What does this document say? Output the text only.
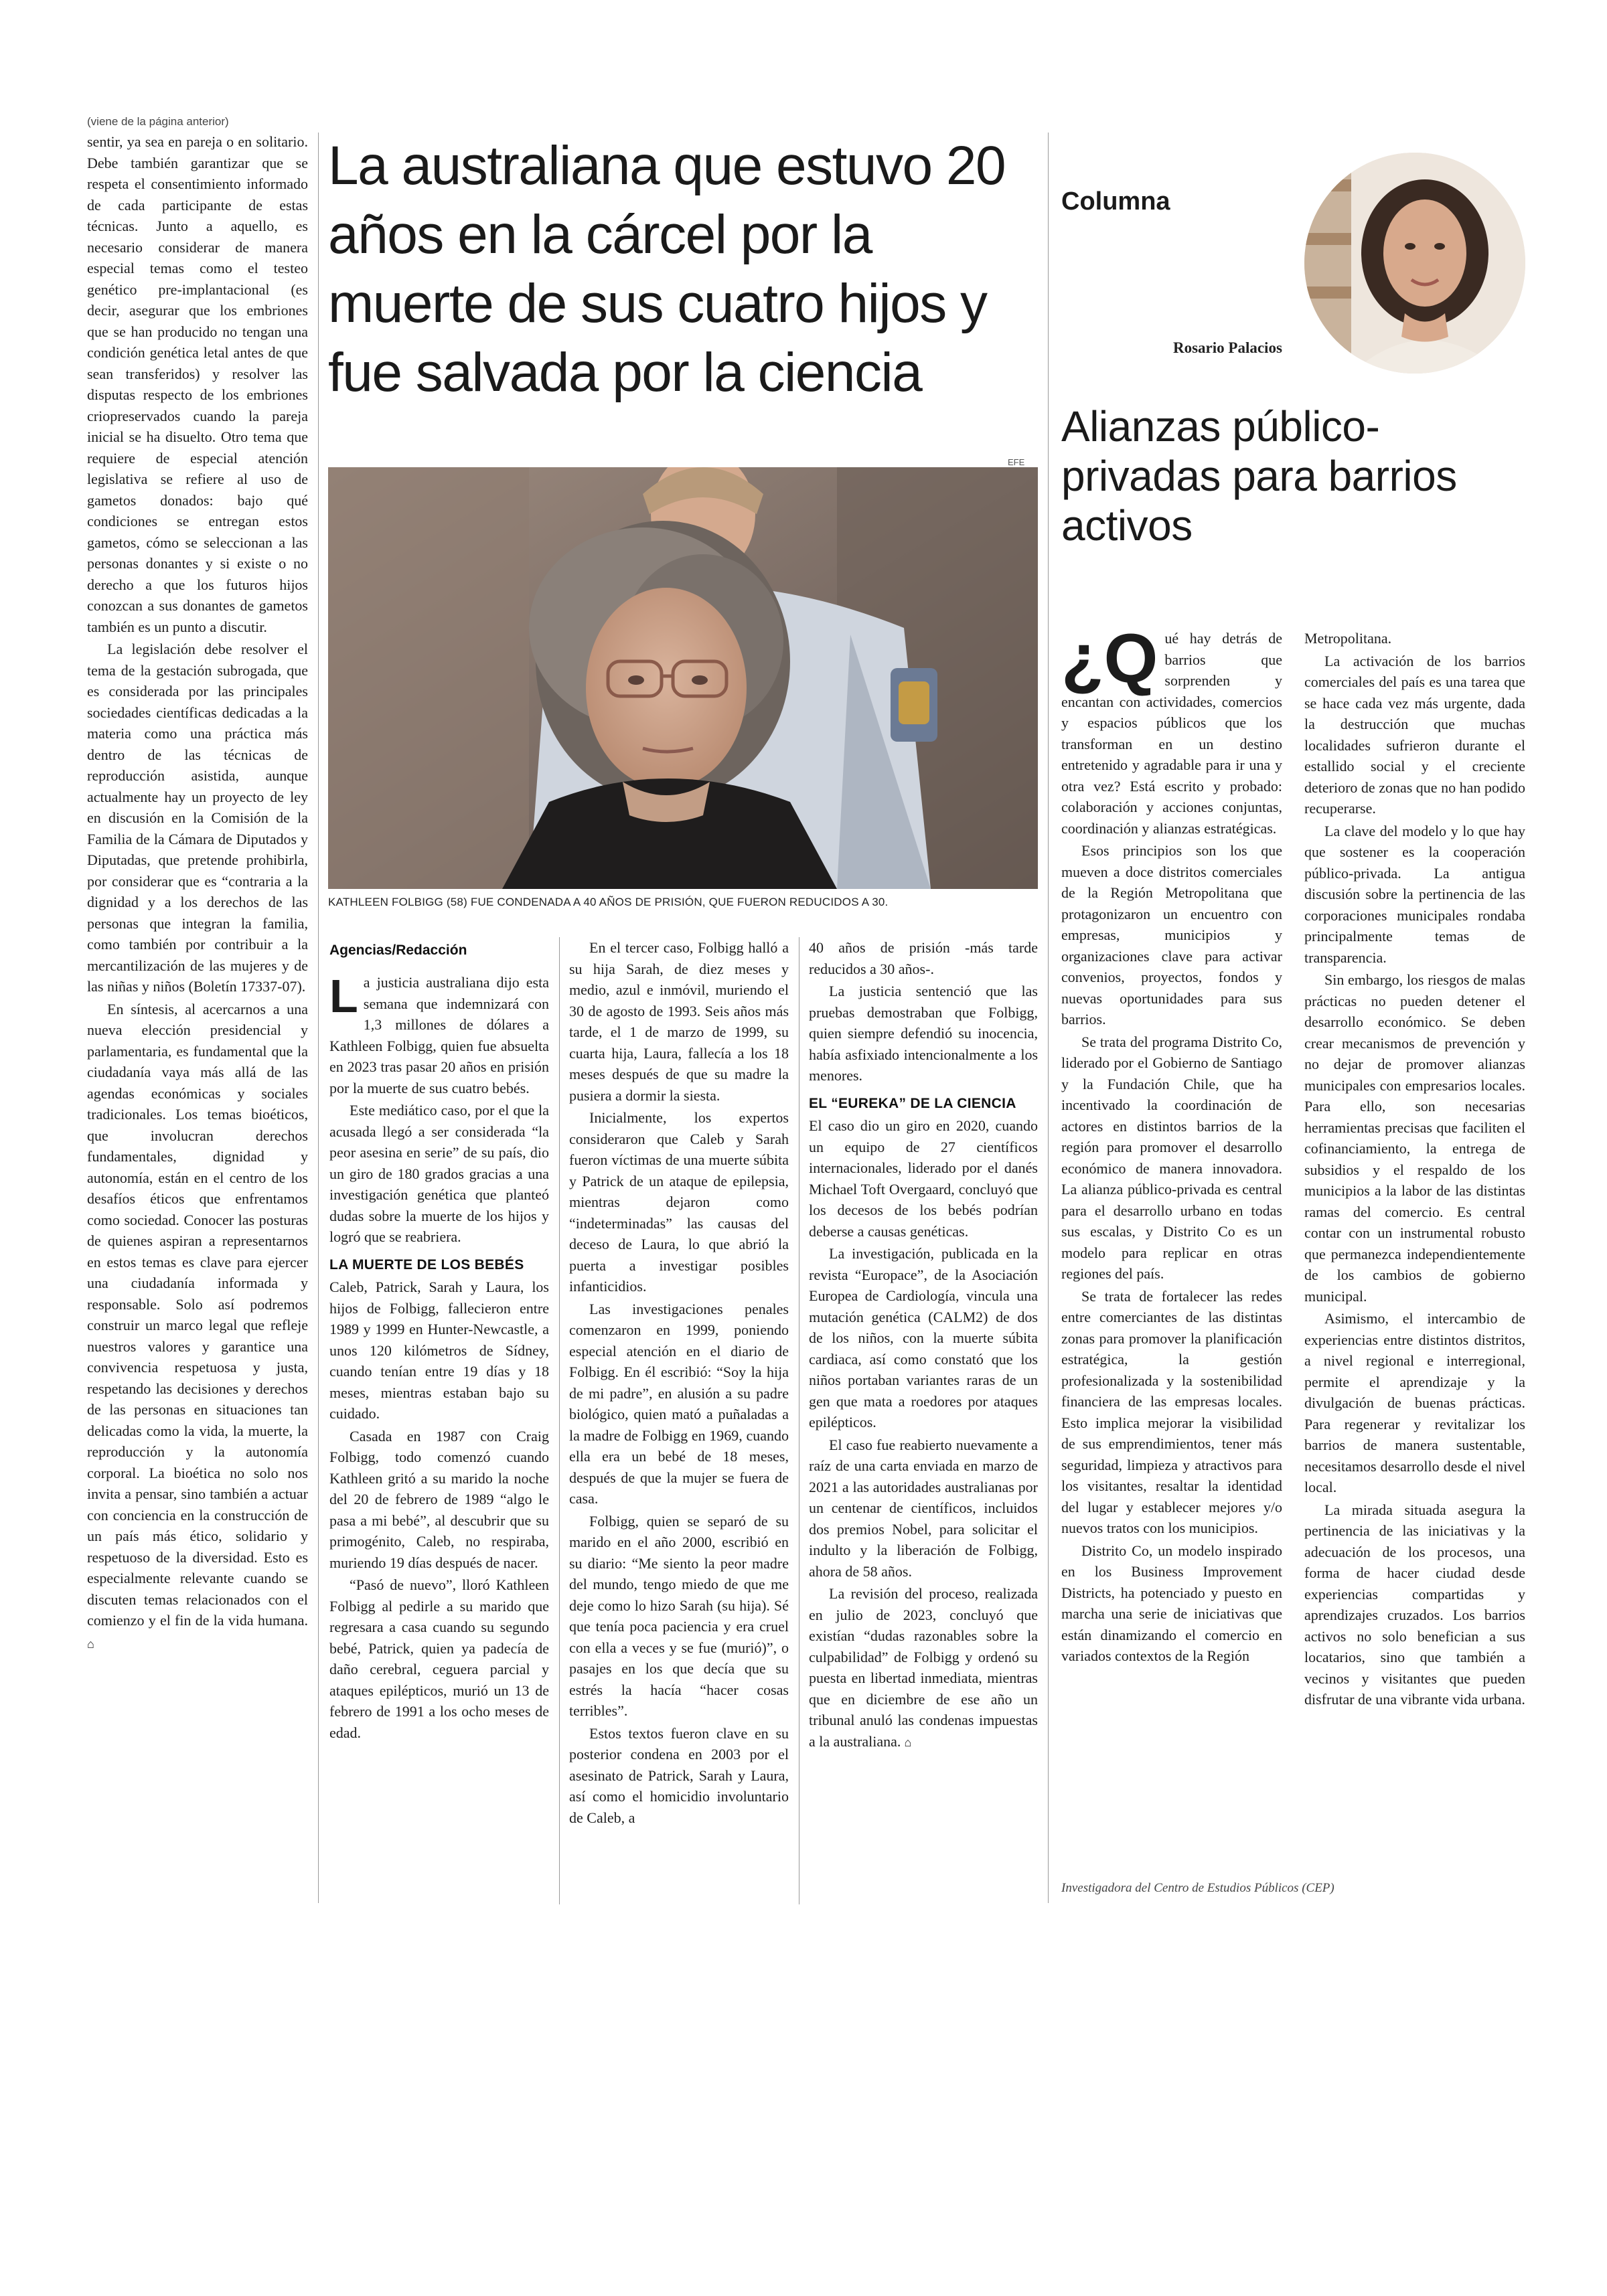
(viene de la página anterior)

sentir, ya sea en pareja o en solitario. Debe también garantizar que se respeta el consentimiento informado de cada participante de estas técnicas. Junto a aquello, es necesario considerar de manera especial temas como el testeo genético pre-implantacional (es decir, asegurar que los embriones que se han producido no tengan una condición genética letal antes de que sean transferidos) y resolver las disputas respecto de los embriones criopreservados cuando la pareja inicial se ha disuelto. Otro tema que requiere de especial atención legislativa se refiere al uso de gametos donados: bajo qué condiciones se entregan estos gametos, cómo se seleccionan a las personas donantes y si existe o no derecho a que los futuros hijos conozcan a sus donantes de gametos también es un punto a discutir.

La legislación debe resolver el tema de la gestación subrogada, que es considerada por las principales sociedades científicas dedicadas a la materia como una práctica más dentro de las técnicas de reproducción asistida, aunque actualmente hay un proyecto de ley en discusión en la Comisión de la Familia de la Cámara de Diputados y Diputadas, que pretende prohibirla, por considerar que es “contraria a la dignidad y a los derechos de las personas que integran la familia, como también por contribuir a la mercantilización de las mujeres y de las niñas y niños (Boletín 17337-07).

En síntesis, al acercarnos a una nueva elección presidencial y parlamentaria, es fundamental que la ciudadanía vaya más allá de las agendas económicas y sociales tradicionales. Los temas bioéticos, que involucran derechos fundamentales, dignidad y autonomía, están en el centro de los desafíos éticos que enfrentamos como sociedad. Conocer las posturas de quienes aspiran a representarnos en estos temas es clave para ejercer una ciudadanía informada y responsable. Solo así podremos construir un marco legal que refleje nuestros valores y garantice una convivencia respetuosa y justa, respetando las decisiones y derechos de las personas en situaciones tan delicadas como la vida, la muerte, la reproducción y la autonomía corporal. La bioética no solo nos invita a pensar, sino también a actuar con conciencia en la construcción de un país más ético, solidario y respetuoso de la diversidad. Esto es especialmente relevante cuando se discuten temas relacionados con el comienzo y el fin de la vida humana. ⌂

La australiana que estuvo 20 años en la cárcel por la muerte de sus cuatro hijos y fue salvada por la ciencia
EFE
KATHLEEN FOLBIGG (58) FUE CONDENADA A 40 AÑOS DE PRISIÓN, QUE FUERON REDUCIDOS A 30.
Agencias/Redacción

La justicia australiana dijo esta semana que indemnizará con 1,3 millones de dólares a Kathleen Folbigg, quien fue absuelta en 2023 tras pasar 20 años en prisión por la muerte de sus cuatro bebés.

Este mediático caso, por el que la acusada llegó a ser considerada “la peor asesina en serie” de su país, dio un giro de 180 grados gracias a una investigación genética que planteó dudas sobre la muerte de los hijos y logró que se reabriera.

LA MUERTE DE LOS BEBÉS

Caleb, Patrick, Sarah y Laura, los hijos de Folbigg, fallecieron entre 1989 y 1999 en Hunter-Newcastle, a unos 120 kilómetros de Sídney, cuando tenían entre 19 días y 18 meses, mientras estaban bajo su cuidado.

Casada en 1987 con Craig Folbigg, todo comenzó cuando Kathleen gritó a su marido la noche del 20 de febrero de 1989 “algo le pasa a mi bebé”, al descubrir que su primogénito, Caleb, no respiraba, muriendo 19 días después de nacer.

“Pasó de nuevo”, lloró Kathleen Folbigg al pedirle a su marido que regresara a casa cuando su segundo bebé, Patrick, quien ya padecía de daño cerebral, ceguera parcial y ataques epilépticos, murió un 13 de febrero de 1991 a los ocho meses de edad.

En el tercer caso, Folbigg halló a su hija Sarah, de diez meses y medio, azul e inmóvil, muriendo el 30 de agosto de 1993. Seis años más tarde, el 1 de marzo de 1999, su cuarta hija, Laura, fallecía a los 18 meses después de que su madre la pusiera a dormir la siesta.

Inicialmente, los expertos consideraron que Caleb y Sarah fueron víctimas de una muerte súbita y Patrick de un ataque de epilepsia, mientras dejaron como “indeterminadas” las causas del deceso de Laura, lo que abrió la puerta a investigar posibles infanticidios.

Las investigaciones penales comenzaron en 1999, poniendo especial atención en el diario de Folbigg. En él escribió: “Soy la hija de mi padre”, en alusión a su padre biológico, quien mató a puñaladas a la madre de Folbigg en 1969, cuando ella era un bebé de 18 meses, después de que la mujer se fuera de casa.

Folbigg, quien se separó de su marido en el año 2000, escribió en su diario: “Me siento la peor madre del mundo, tengo miedo de que me deje como lo hizo Sarah (su hija). Sé que tenía poca paciencia y era cruel con ella a veces y se fue (murió)”, o pasajes en los que decía que su estrés la hacía “hacer cosas terribles”.

Estos textos fueron clave en su posterior condena en 2003 por el asesinato de Patrick, Sarah y Laura, así como el homicidio involuntario de Caleb, a

40 años de prisión -más tarde reducidos a 30 años-.

La justicia sentenció que las pruebas demostraban que Folbigg, quien siempre defendió su inocencia, había asfixiado intencionalmente a los menores.

EL “EUREKA” DE LA CIENCIA

El caso dio un giro en 2020, cuando un equipo de 27 científicos internacionales, liderado por el danés Michael Toft Overgaard, concluyó que los decesos de los bebés podrían deberse a causas genéticas.

La investigación, publicada en la revista “Europace”, de la Asociación Europea de Cardiología, vincula una mutación genética (CALM2) de dos de los niños, con la muerte súbita cardiaca, así como constató que los niños portaban variantes raras de un gen que mata a roedores por ataques epilépticos.

El caso fue reabierto nuevamente a raíz de una carta enviada en marzo de 2021 a las autoridades australianas por un centenar de científicos, incluidos dos premios Nobel, para solicitar el indulto y la liberación de Folbigg, ahora de 58 años.

La revisión del proceso, realizada en julio de 2023, concluyó que existían “dudas razonables sobre la culpabilidad” de Folbigg y ordenó su puesta en libertad inmediata, mientras que en diciembre de ese año un tribunal anuló las condenas impuestas a la australiana. ⌂

Columna
Rosario Palacios
Alianzas público-privadas para barrios activos

¿Q ué hay detrás de barrios que sorprenden y encantan con actividades, comercios y espacios públicos que los transforman en un destino entretenido y agradable para ir una y otra vez? Está escrito y probado: colaboración y acciones conjuntas, coordinación y alianzas estratégicas.

Esos principios son los que mueven a doce distritos comerciales de la Región Metropolitana que protagonizaron un encuentro con empresas, municipios y organizaciones clave para activar convenios, proyectos, fondos y nuevas oportunidades para sus barrios.

Se trata del programa Distrito Co, liderado por el Gobierno de Santiago y la Fundación Chile, que ha incentivado la coordinación de actores en distintos barrios de la región para promover el desarrollo económico de manera innovadora. La alianza público-privada es central para el desarrollo urbano en todas sus escalas, y Distrito Co es un modelo para replicar en otras regiones del país.

Se trata de fortalecer las redes entre comerciantes de las distintas zonas para promover la planificación estratégica, la gestión profesionalizada y la sostenibilidad financiera de las empresas locales. Esto implica mejorar la visibilidad de sus emprendimientos, tener más seguridad, limpieza y atractivos para los visitantes, resaltar la identidad del lugar y establecer mejores y/o nuevos tratos con los municipios.

Distrito Co, un modelo inspirado en los Business Improvement Districts, ha potenciado y puesto en marcha una serie de iniciativas que están dinamizando el comercio en variados contextos de la Región

Metropolitana.

La activación de los barrios comerciales del país es una tarea que se hace cada vez más urgente, dada la destrucción que muchas localidades sufrieron durante el estallido social y el creciente deterioro de zonas que no han podido recuperarse.

La clave del modelo y lo que hay que sostener es la cooperación público-privada. La antigua discusión sobre la pertinencia de las corporaciones municipales rondaba principalmente temas de transparencia.

Sin embargo, los riesgos de malas prácticas no pueden detener el desarrollo económico. Se deben crear mecanismos de prevención y no dejar de promover alianzas municipales con empresarios locales. Para ello, son necesarias herramientas precisas que faciliten el cofinanciamiento, la entrega de subsidios y el respaldo de los municipios a la labor de las distintas ramas del comercio. Es central contar con un instrumental robusto que permanezca independientemente de los cambios de gobierno municipal.

Asimismo, el intercambio de experiencias entre distintos distritos, a nivel regional e interregional, permite el aprendizaje y la divulgación de buenas prácticas. Para regenerar y revitalizar los barrios de manera sustentable, necesitamos desarrollo desde el nivel local.

La mirada situada asegura la pertinencia de las iniciativas y la adecuación de los procesos, una forma de hacer ciudad desde experiencias compartidas y aprendizajes cruzados. Los barrios activos no solo benefician a sus locatarios, sino que también a vecinos y visitantes que pueden disfrutar de una vibrante vida urbana.

Investigadora del Centro de Estudios Públicos (CEP)
